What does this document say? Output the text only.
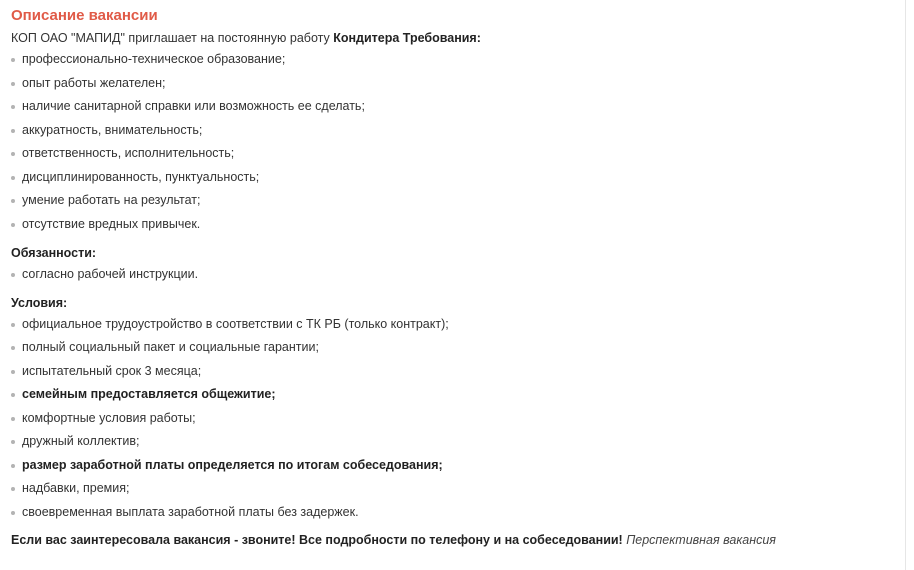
Описание вакансии
КОП ОАО "МАПИД" приглашает на постоянную работу Кондитера Требования:
профессионально-техническое образование;
опыт работы желателен;
наличие санитарной справки или возможность ее сделать;
аккуратность, внимательность;
ответственность, исполнительность;
дисциплинированность, пунктуальность;
умение работать на результат;
отсутствие вредных привычек.
Обязанности:
согласно рабочей инструкции.
Условия:
официальное трудоустройство в соответствии с ТК РБ (только контракт);
полный социальный пакет и социальные гарантии;
испытательный срок 3 месяца;
семейным предоставляется общежитие;
комфортные условия работы;
дружный коллектив;
размер заработной платы определяется по итогам собеседования;
надбавки, премия;
своевременная выплата заработной платы без задержек.
Если вас заинтересовала вакансия - звоните! Все подробности по телефону и на собеседовании! Перспективная вакансия
